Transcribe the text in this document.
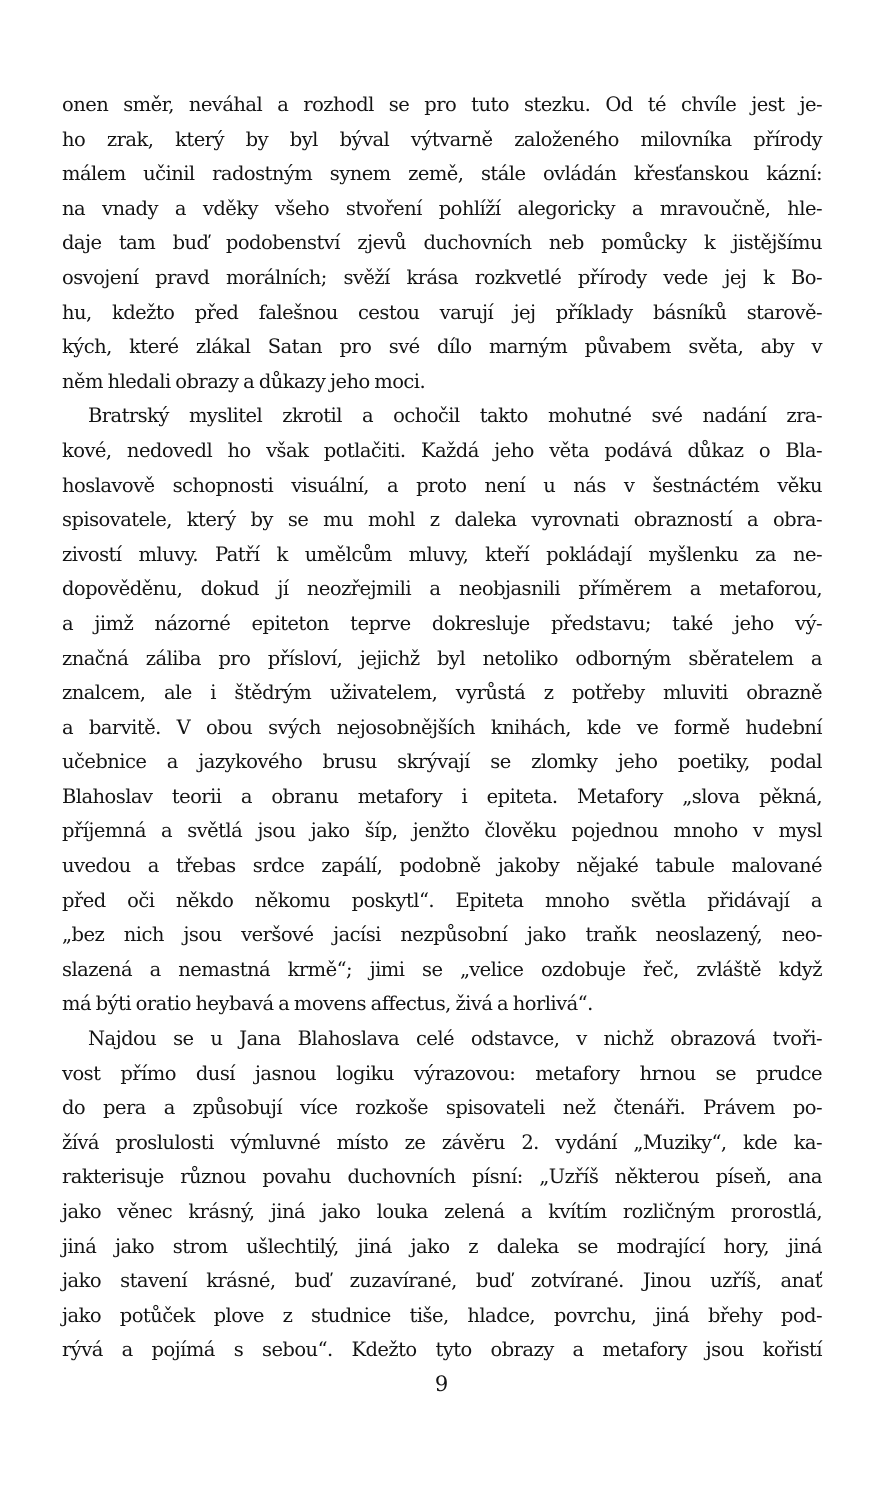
onen směr, neváhal a rozhodl se pro tuto stezku. Od té chvíle jest je-
ho zrak, který by byl býval výtvarně založeného milovníka přírody
málem učinil radostným synem země, stále ovládán křesťanskou kázní:
na vnady a vděky všeho stvoření pohlíží alegoricky a mravoučně, hle-
daje tam buď podobenství zjevů duchovních neb pomůcky k jistějšímu
osvojení pravd morálních; svěží krása rozkvetlé přírody vede jej k Bo-
hu, kdežto před falešnou cestou varují jej příklady básníků starově-
kých, které zlákal Satan pro své dílo marným půvabem světa, aby v
něm hledali obrazy a důkazy jeho moci.
Bratrský myslitel zkrotil a ochočil takto mohutné své nadání zra-
kové, nedovedl ho však potlačiti. Každá jeho věta podává důkaz o Bla-
hoslavově schopnosti visuální, a proto není u nás v šestnáctém věku
spisovatele, který by se mu mohl z daleka vyrovnati obrazností a obra-
zivostí mluvy. Patří k umělcům mluvy, kteří pokládají myšlenku za ne-
dopověděnu, dokud jí neozřejmili a neobjasnili příměrem a metaforou,
a jimž názorné epiteton teprve dokresluje představu; také jeho vý-
značná záliba pro přísloví, jejichž byl netoliko odborným sběratelem a
znalcem, ale i štědrým uživatelem, vyrůstá z potřeby mluviti obrazně
a barvitě. V obou svých nejosobnějších knihách, kde ve formě hudební
učebnice a jazykového brusu skrývají se zlomky jeho poetiky, podal
Blahoslav teorii a obranu metafory i epiteta. Metafory „slova pěkná,
příjemná a světlá jsou jako šíp, jenžto člověku pojednou mnoho v mysl
uvedou a třebas srdce zapálí, podobně jakoby nějaké tabule malované
před oči někdo někomu poskytl“. Epiteta mnoho světla přidávají a
„bez nich jsou veršové jacísi nezpůsobní jako traňk neoslazený, neo-
slazená a nemastná krmě“; jimi se „velice ozdobuje řeč, zvláště když
má býti oratio heybavá a movens affectus, živá a horlivá“.
Najdou se u Jana Blahoslava celé odstavce, v nichž obrazová tvoři-
vost přímo dusí jasnou logiku výrazovou: metafory hrnou se prudce
do pera a způsobují více rozkoše spisovateli než čtenáři. Právem po-
žívá proslulosti výmluvné místo ze závěru 2. vydání „Muziky“, kde ka-
rakterisuje různou povahu duchovních písní: „Uzříš některou píseň, ana
jako věnec krásný, jiná jako louka zelená a kvítím rozličným prorostlá,
jiná jako strom ušlechtilý, jiná jako z daleka se modrající hory, jiná
jako stavení krásné, buď zuzavírané, buď zotvírané. Jinou uzříš, anať
jako potůček plove z studnice tiše, hladce, povrchu, jiná břehy pod-
rývá a pojímá s sebou“. Kdežto tyto obrazy a metafory jsou kořistí
9
